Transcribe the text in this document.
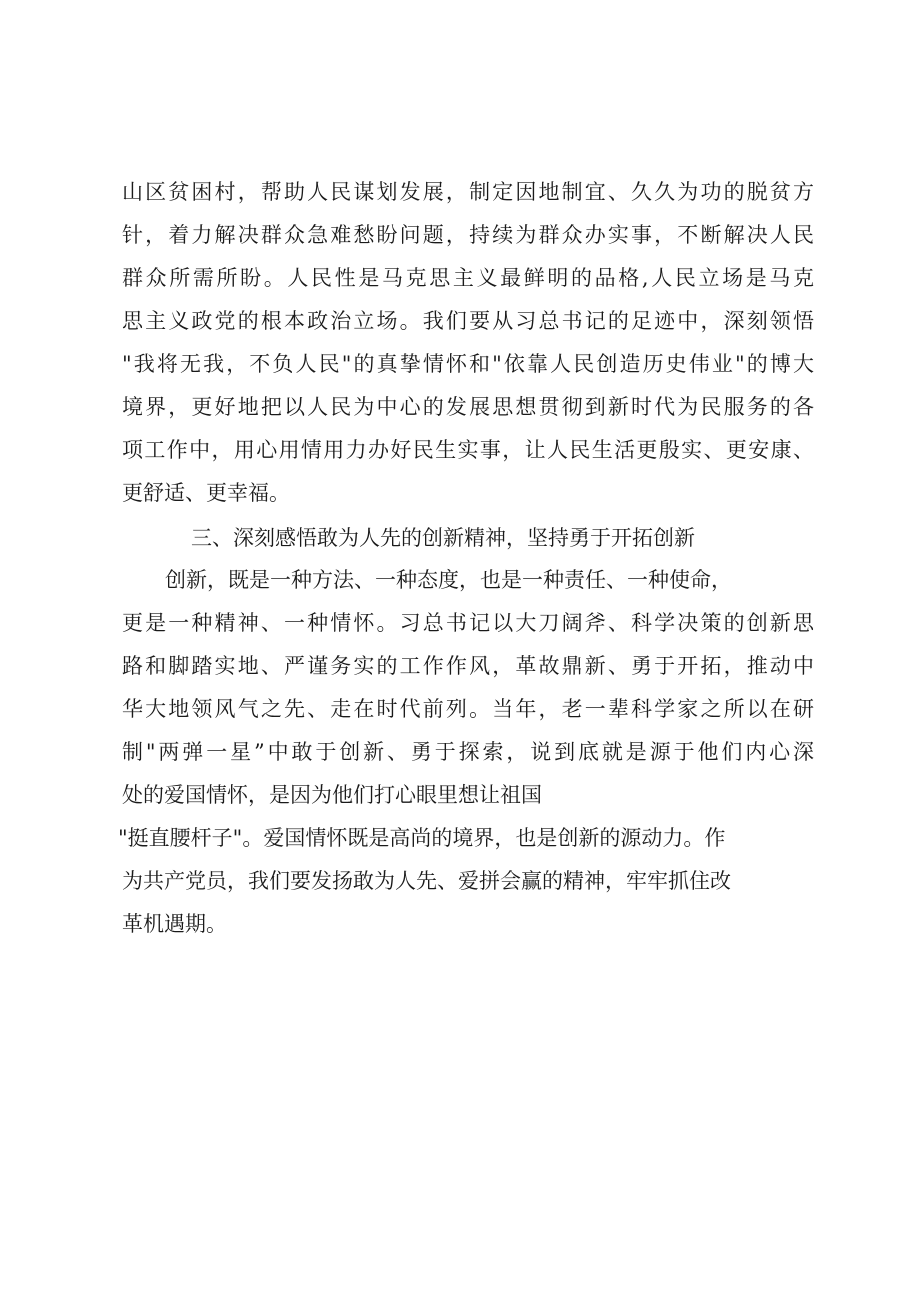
山区贫困村，帮助人民谋划发展，制定因地制宜、久久为功的脱贫方
针，着力解决群众急难愁盼问题，持续为群众办实事，不断解决人民
群众所需所盼。人民性是马克思主义最鲜明的品格,人民立场是马克
思主义政党的根本政治立场。我们要从习总书记的足迹中，深刻领悟
"我将无我，不负人民"的真挚情怀和"依靠人民创造历史伟业"的博大
境界，更好地把以人民为中心的发展思想贯彻到新时代为民服务的各
项工作中，用心用情用力办好民生实事，让人民生活更殷实、更安康、
更舒适、更幸福。
三、深刻感悟敢为人先的创新精神，坚持勇于开拓创新
创新，既是一种方法、一种态度，也是一种责任、一种使命，
更是一种精神、一种情怀。习总书记以大刀阔斧、科学决策的创新思
路和脚踏实地、严谨务实的工作作风，革故鼎新、勇于开拓，推动中
华大地领风气之先、走在时代前列。当年，老一辈科学家之所以在研
制"两弹一星”中敢于创新、勇于探索，说到底就是源于他们内心深
处的爱国情怀，是因为他们打心眼里想让祖国
"挺直腰杆子"。爱国情怀既是高尚的境界，也是创新的源动力。作
为共产党员，我们要发扬敢为人先、爱拼会赢的精神，牢牢抓住改
革机遇期。
